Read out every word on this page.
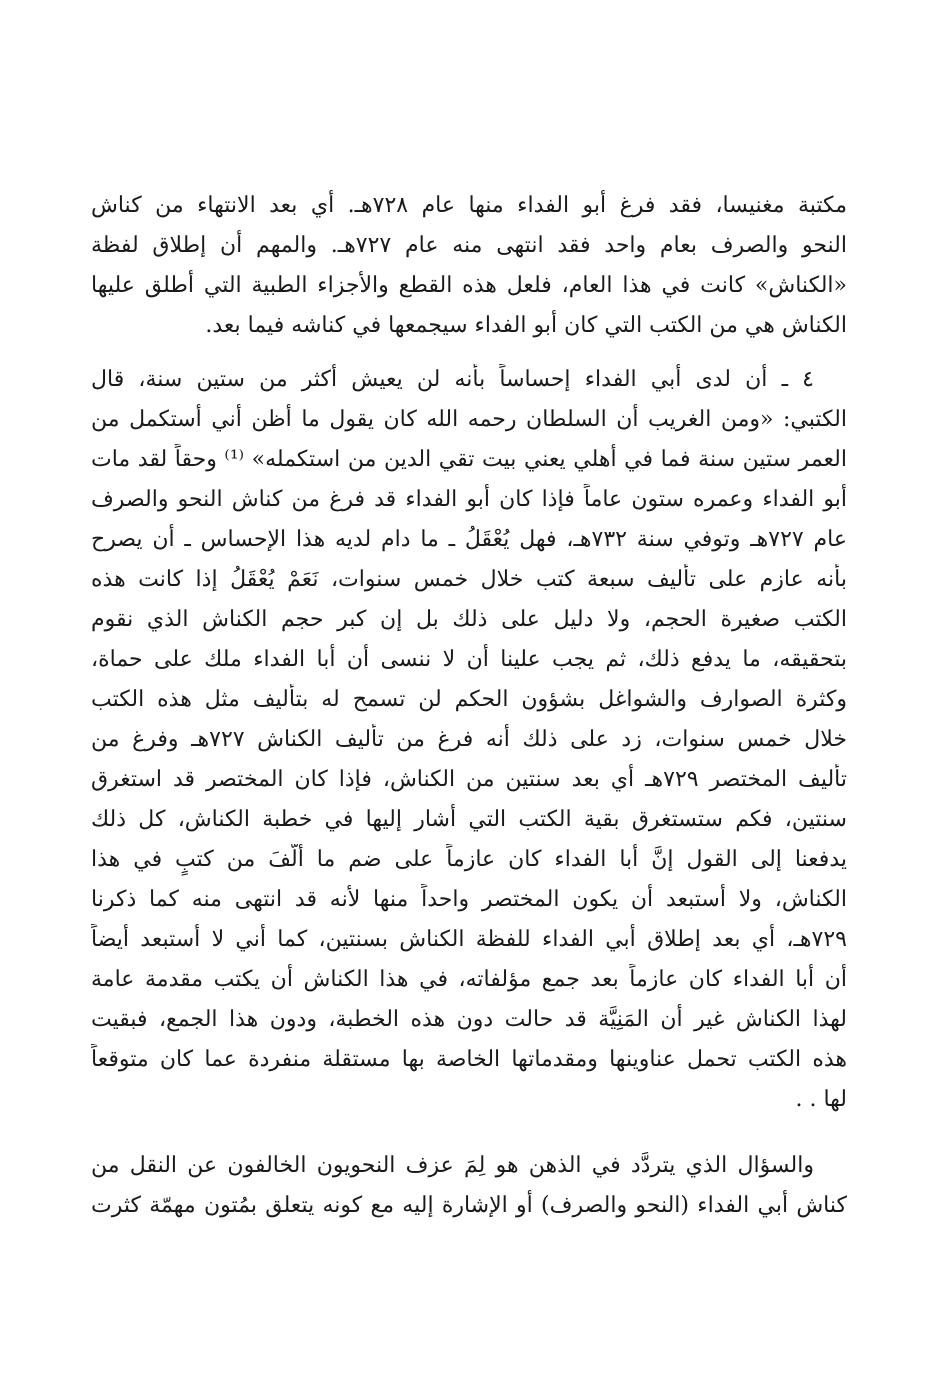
مكتبة مغنيسا، فقد فرغ أبو الفداء منها عام ٧٢٨هـ. أي بعد الانتهاء من كناش
النحو والصرف بعام واحد فقد انتهى منه عام ٧٢٧هـ. والمهم أن إطلاق لفظة
«الكناش» كانت في هذا العام، فلعل هذه القطع والأجزاء الطبية التي أطلق عليها
الكناش هي من الكتب التي كان أبو الفداء سيجمعها في كناشه فيما بعد.
٤ ـ أن لدى أبي الفداء إحساساً بأنه لن يعيش أكثر من ستين سنة، قال
الكتبي: «ومن الغريب أن السلطان رحمه الله كان يقول ما أظن أني أستكمل من
العمر ستين سنة فما في أهلي يعني بيت تقي الدين من استكمله» ⁽¹⁾ وحقاً لقد مات
أبو الفداء وعمره ستون عاماً فإذا كان أبو الفداء قد فرغ من كناش النحو والصرف
عام ٧٢٧هـ وتوفي سنة ٧٣٢هـ، فهل يُعْقَلُ ـ ما دام لديه هذا الإحساس ـ أن يصرح
بأنه عازم على تأليف سبعة كتب خلال خمس سنوات، نَعَمْ يُعْقَلُ إذا كانت هذه
الكتب صغيرة الحجم، ولا دليل على ذلك بل إن كبر حجم الكناش الذي نقوم
بتحقيقه، ما يدفع ذلك، ثم يجب علينا أن لا ننسى أن أبا الفداء ملك على حماة،
وكثرة الصوارف والشواغل بشؤون الحكم لن تسمح له بتأليف مثل هذه الكتب
خلال خمس سنوات، زد على ذلك أنه فرغ من تأليف الكناش ٧٢٧هـ وفرغ من
تأليف المختصر ٧٢٩هـ أي بعد سنتين من الكناش، فإذا كان المختصر قد استغرق
سنتين، فكم ستستغرق بقية الكتب التي أشار إليها في خطبة الكناش، كل ذلك
يدفعنا إلى القول إنَّ أبا الفداء كان عازماً على ضم ما أَلَّفَ من كتبٍ في هذا
الكناش، ولا أستبعد أن يكون المختصر واحداً منها لأنه قد انتهى منه كما ذكرنا
٧٢٩هـ، أي بعد إطلاق أبي الفداء للفظة الكناش بسنتين، كما أني لا أستبعد أيضاً
أن أبا الفداء كان عازماً بعد جمع مؤلفاته، في هذا الكناش أن يكتب مقدمة عامة
لهذا الكناش غير أن المَنِيَّة قد حالت دون هذه الخطبة، ودون هذا الجمع، فبقيت
هذه الكتب تحمل عناوينها ومقدماتها الخاصة بها مستقلة منفردة عما كان متوقعاً
لها . .
والسؤال الذي يتردَّد في الذهن هو لِمَ عزف النحويون الخالفون عن النقل من
كناش أبي الفداء (النحو والصرف) أو الإشارة إليه مع كونه يتعلق بمُتون مهمّة كثرت
